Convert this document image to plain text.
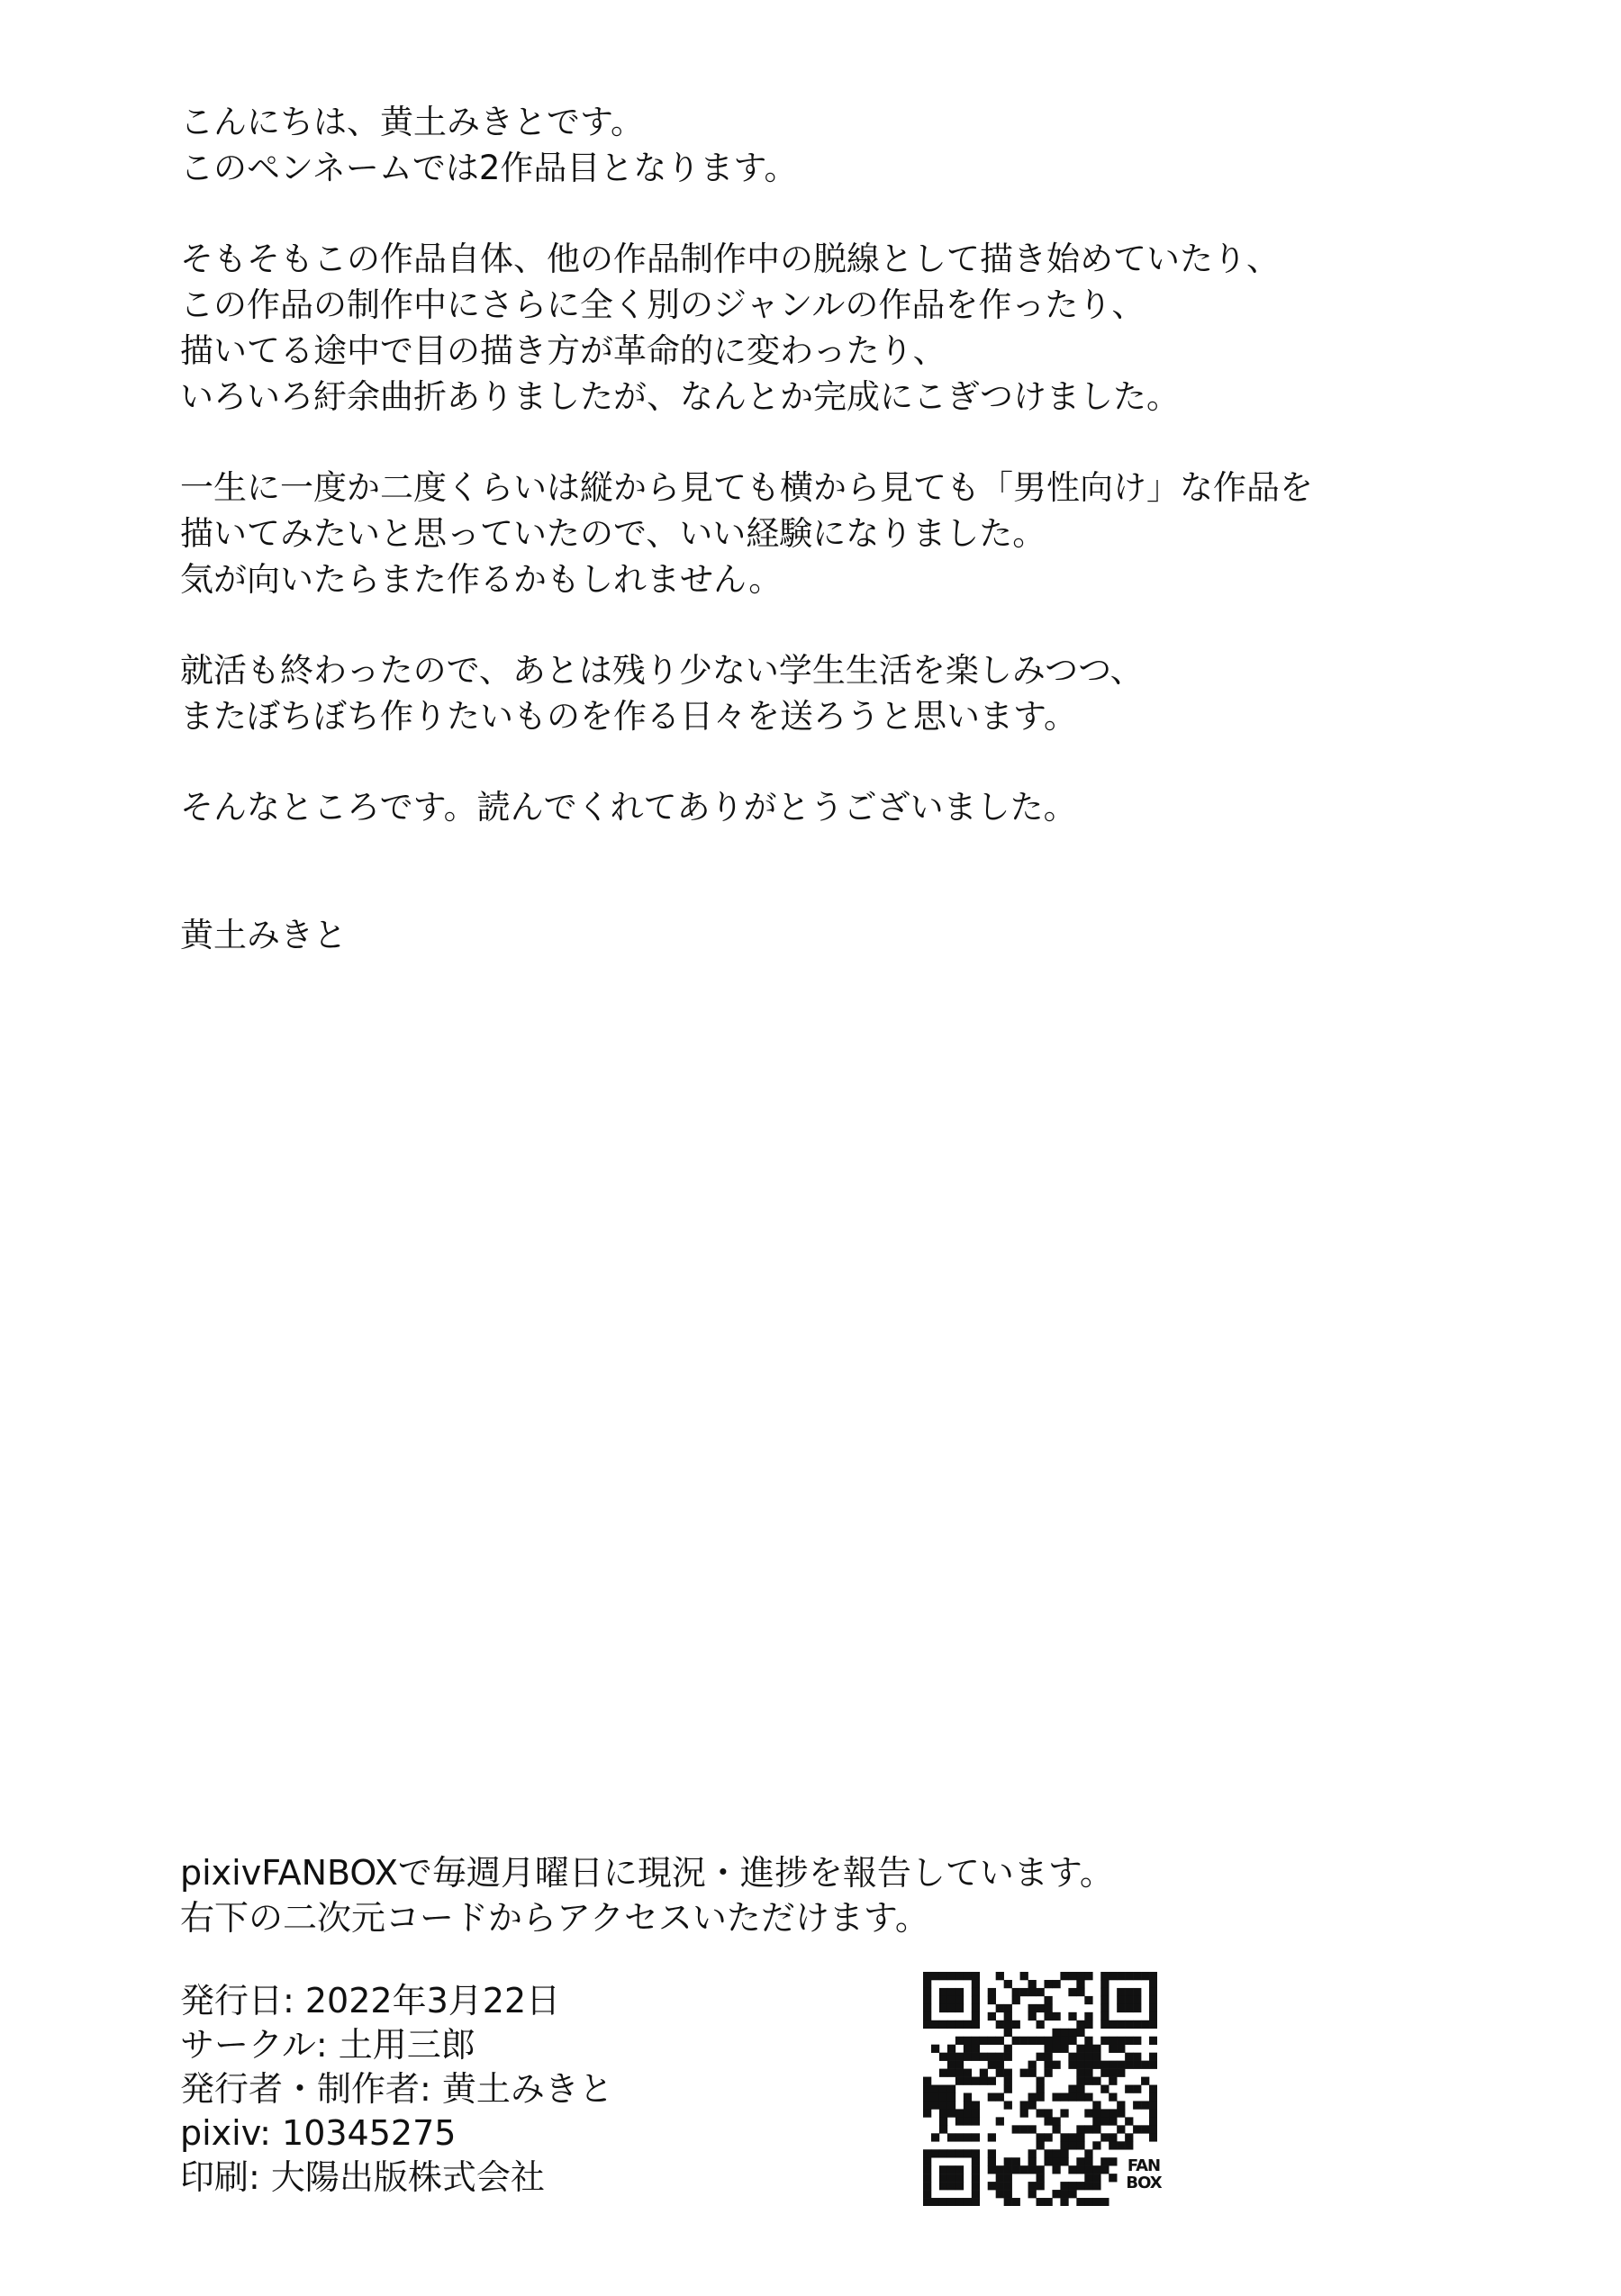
こんにちは、黄土みきとです。
このペンネームでは2作品目となります。
そもそもこの作品自体、他の作品制作中の脱線として描き始めていたり、
この作品の制作中にさらに全く別のジャンルの作品を作ったり、
描いてる途中で目の描き方が革命的に変わったり、
いろいろ紆余曲折ありましたが、なんとか完成にこぎつけました。
一生に一度か二度くらいは縦から見ても横から見ても「男性向け」な作品を
描いてみたいと思っていたので、いい経験になりました。
気が向いたらまた作るかもしれません。
就活も終わったので、あとは残り少ない学生生活を楽しみつつ、
またぼちぼち作りたいものを作る日々を送ろうと思います。
そんなところです。読んでくれてありがとうございました。
黄土みきと
pixivFANBOXで毎週月曜日に現況・進捗を報告しています。
右下の二次元コードからアクセスいただけます。
発行日: 2022年3月22日
サークル: 土用三郎
発行者・制作者: 黄土みきと
pixiv: 10345275
印刷: 大陽出版株式会社	FAN
BOX
